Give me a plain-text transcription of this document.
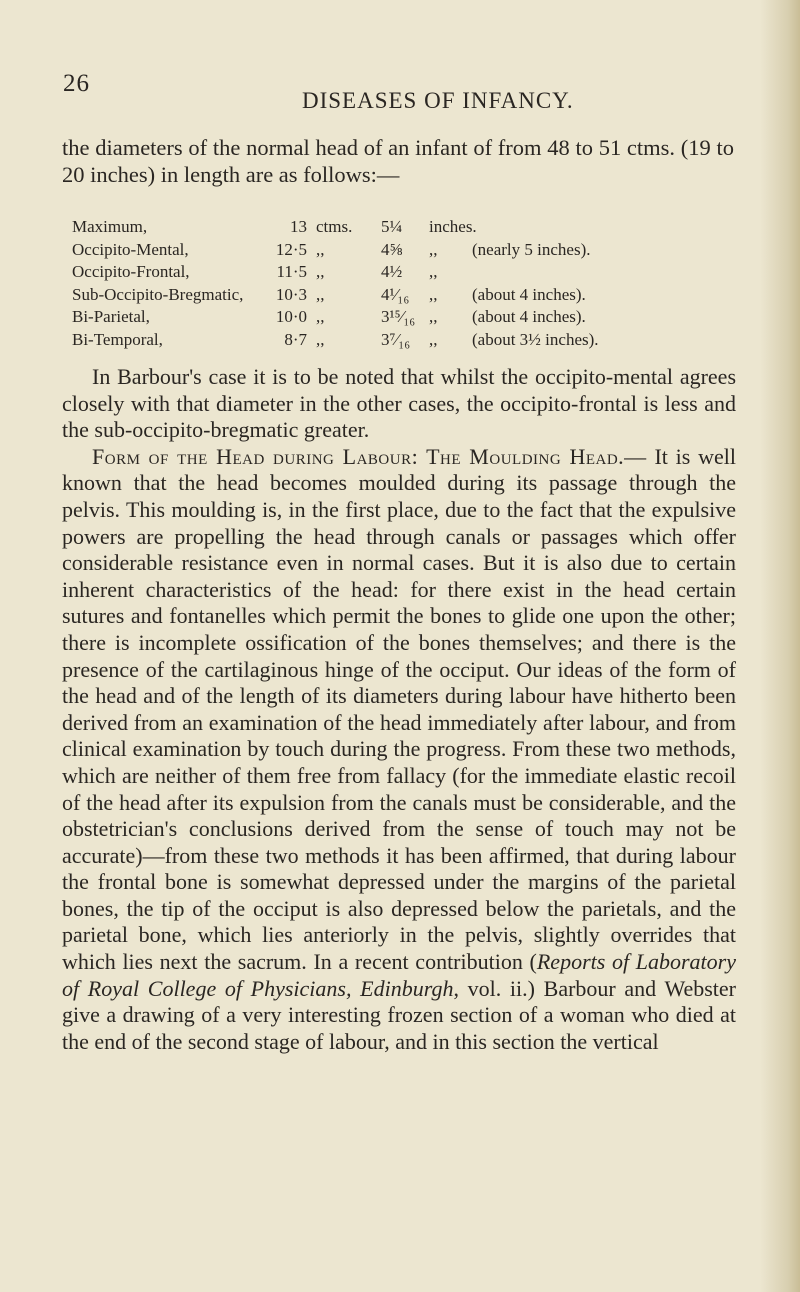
26
DISEASES OF INFANCY.
the diameters of the normal head of an infant of from 48 to 51 ctms. (19 to 20 inches) in length are as follows:—
Maximum,	13 ctms. 5¼ inches.
Occipito-Mental,	12·5 ,,	4⅝ ,, (nearly 5 inches).
Occipito-Frontal,	11·5 ,,	4½ ,,
Sub-Occipito-Bregmatic,	10·3 ,,	4¹⁄₁₆ ,, (about 4 inches).
Bi-Parietal,	10·0 ,,	3¹⁵⁄₁₆ ,, (about 4 inches).
Bi-Temporal,	8·7 ,,	3⁷⁄₁₆ ,, (about 3½ inches).

In Barbour's case it is to be noted that whilst the occipito-mental agrees closely with that diameter in the other cases, the occipito-frontal is less and the sub-occipito-bregmatic greater.

Form of the Head during Labour: The Moulding Head.— It is well known that the head becomes moulded during its passage through the pelvis. This moulding is, in the first place, due to the fact that the expulsive powers are propelling the head through canals or passages which offer considerable resistance even in normal cases. But it is also due to certain inherent characteristics of the head: for there exist in the head certain sutures and fontanelles which permit the bones to glide one upon the other; there is incomplete ossification of the bones themselves; and there is the presence of the cartilaginous hinge of the occiput. Our ideas of the form of the head and of the length of its diameters during labour have hitherto been derived from an examination of the head immediately after labour, and from clinical examination by touch during the progress. From these two methods, which are neither of them free from fallacy (for the immediate elastic recoil of the head after its expulsion from the canals must be considerable, and the obstetrician's conclusions derived from the sense of touch may not be accurate)—from these two methods it has been affirmed, that during labour the frontal bone is somewhat depressed under the margins of the parietal bones, the tip of the occiput is also depressed below the parietals, and the parietal bone, which lies anteriorly in the pelvis, slightly overrides that which lies next the sacrum. In a recent contribution (Reports of Laboratory of Royal College of Physicians, Edinburgh, vol. ii.) Barbour and Webster give a drawing of a very interesting frozen section of a woman who died at the end of the second stage of labour, and in this section the vertical
